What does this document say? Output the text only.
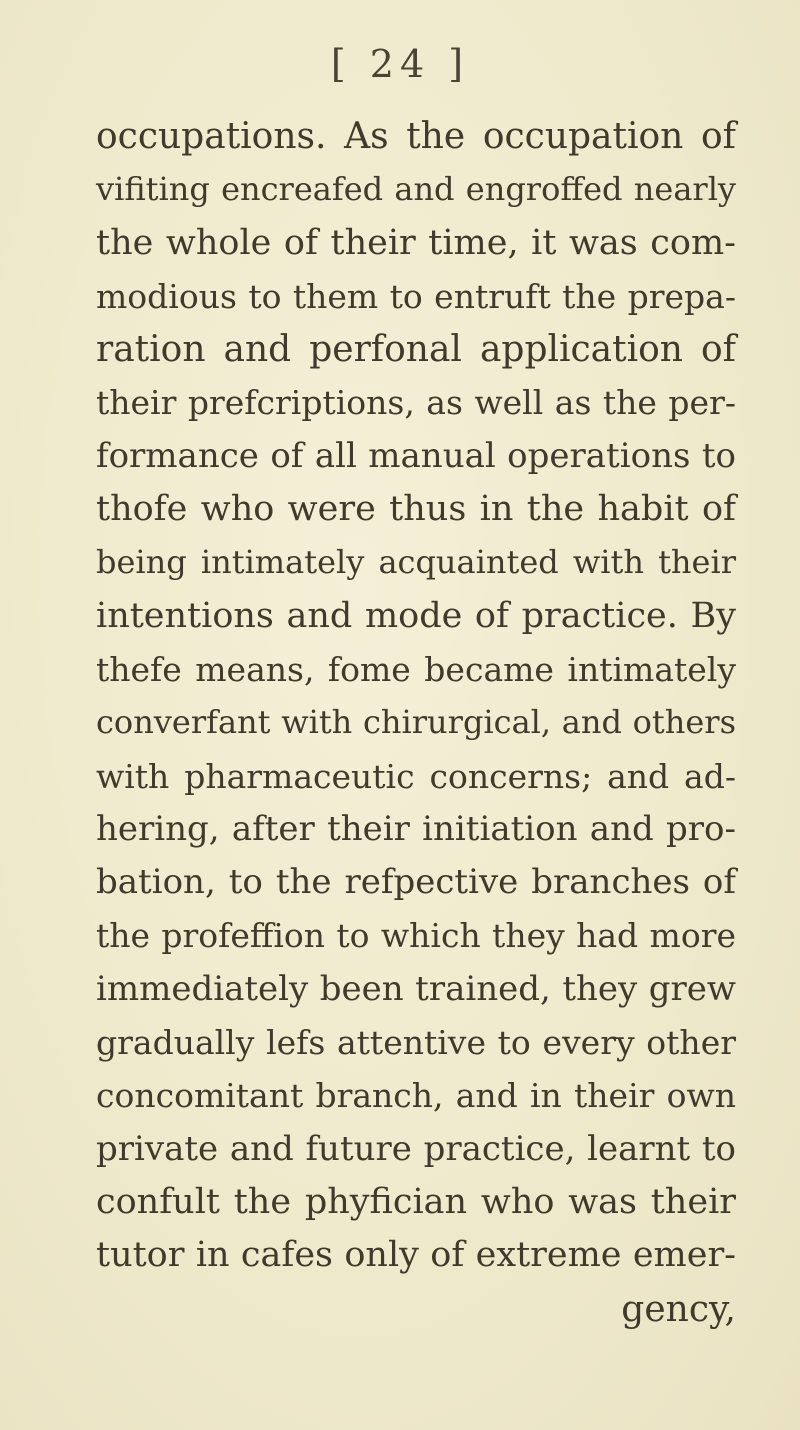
[ 24 ]
occupations. As the occupation of
vifiting encreafed and engroffed nearly
the whole of their time, it was com-
modious to them to entruft the prepa-
ration and perfonal application of
their prefcriptions, as well as the per-
formance of all manual operations to
thofe who were thus in the habit of
being intimately acquainted with their
intentions and mode of practice. By
thefe means, fome became intimately
converfant with chirurgical, and others
with pharmaceutic concerns; and ad-
hering, after their initiation and pro-
bation, to the refpective branches of
the profeffion to which they had more
immediately been trained, they grew
gradually lefs attentive to every other
concomitant branch, and in their own
private and future practice, learnt to
confult the phyfician who was their
tutor in cafes only of extreme emer-
gency,
